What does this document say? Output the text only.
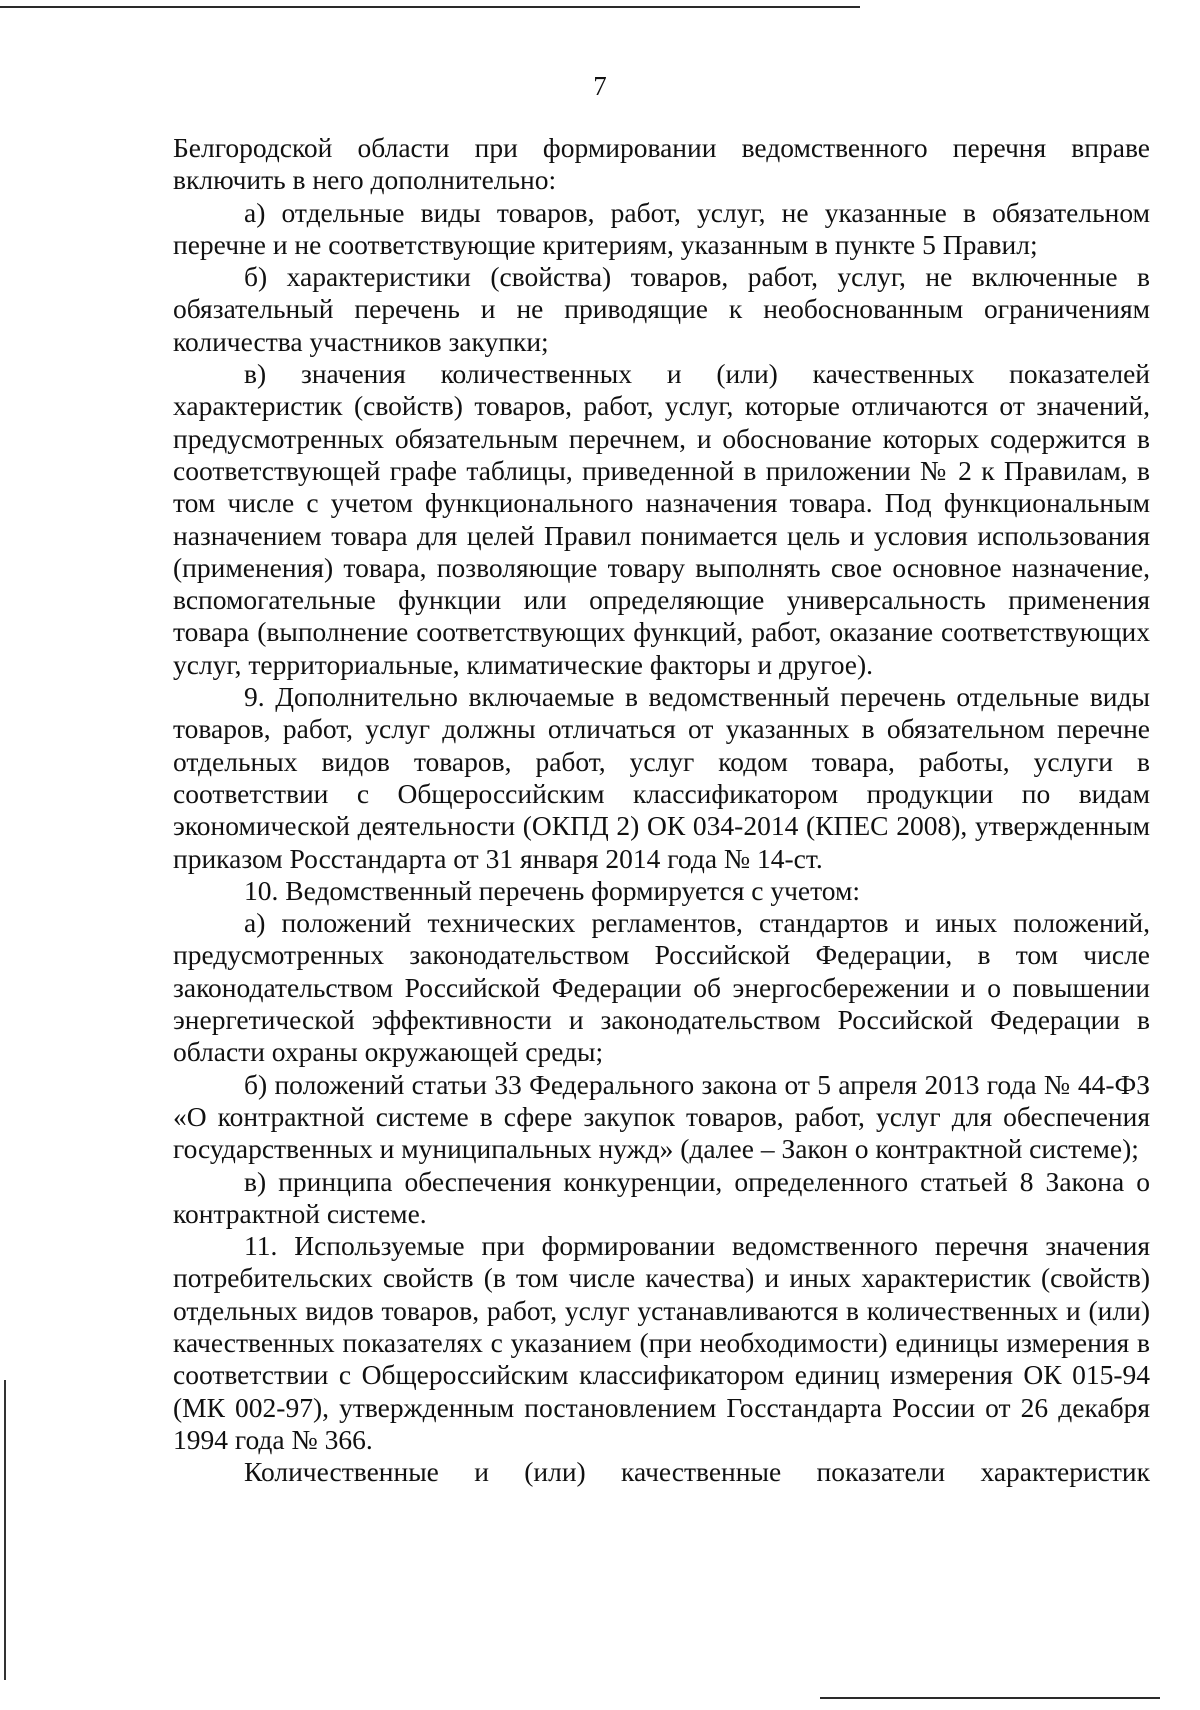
7

Белгородской области при формировании ведомственного перечня вправе включить в него дополнительно:

а) отдельные виды товаров, работ, услуг, не указанные в обязательном перечне и не соответствующие критериям, указанным в пункте 5 Правил;

б) характеристики (свойства) товаров, работ, услуг, не включенные в обязательный перечень и не приводящие к необоснованным ограничениям количества участников закупки;

в) значения количественных и (или) качественных показателей характеристик (свойств) товаров, работ, услуг, которые отличаются от значений, предусмотренных обязательным перечнем, и обоснование которых содержится в соответствующей графе таблицы, приведенной в приложении № 2 к Правилам, в том числе с учетом функционального назначения товара. Под функциональным назначением товара для целей Правил понимается цель и условия использования (применения) товара, позволяющие товару выполнять свое основное назначение, вспомогательные функции или определяющие универсальность применения товара (выполнение соответствующих функций, работ, оказание соответствующих услуг, территориальные, климатические факторы и другое).

9. Дополнительно включаемые в ведомственный перечень отдельные виды товаров, работ, услуг должны отличаться от указанных в обязательном перечне отдельных видов товаров, работ, услуг кодом товара, работы, услуги в соответствии с Общероссийским классификатором продукции по видам экономической деятельности (ОКПД 2) ОК 034-2014 (КПЕС 2008), утвержденным приказом Росстандарта от 31 января 2014 года № 14-ст.

10. Ведомственный перечень формируется с учетом:

а) положений технических регламентов, стандартов и иных положений, предусмотренных законодательством Российской Федерации, в том числе законодательством Российской Федерации об энергосбережении и о повышении энергетической эффективности и законодательством Российской Федерации в области охраны окружающей среды;

б) положений статьи 33 Федерального закона от 5 апреля 2013 года № 44-ФЗ «О контрактной системе в сфере закупок товаров, работ, услуг для обеспечения государственных и муниципальных нужд» (далее – Закон о контрактной системе);

в) принципа обеспечения конкуренции, определенного статьей 8 Закона о контрактной системе.

11. Используемые при формировании ведомственного перечня значения потребительских свойств (в том числе качества) и иных характеристик (свойств) отдельных видов товаров, работ, услуг устанавливаются в количественных и (или) качественных показателях с указанием (при необходимости) единицы измерения в соответствии с Общероссийским классификатором единиц измерения ОК 015-94 (МК 002-97), утвержденным постановлением Госстандарта России от 26 декабря 1994 года № 366.

Количественные и (или) качественные показатели характеристик
